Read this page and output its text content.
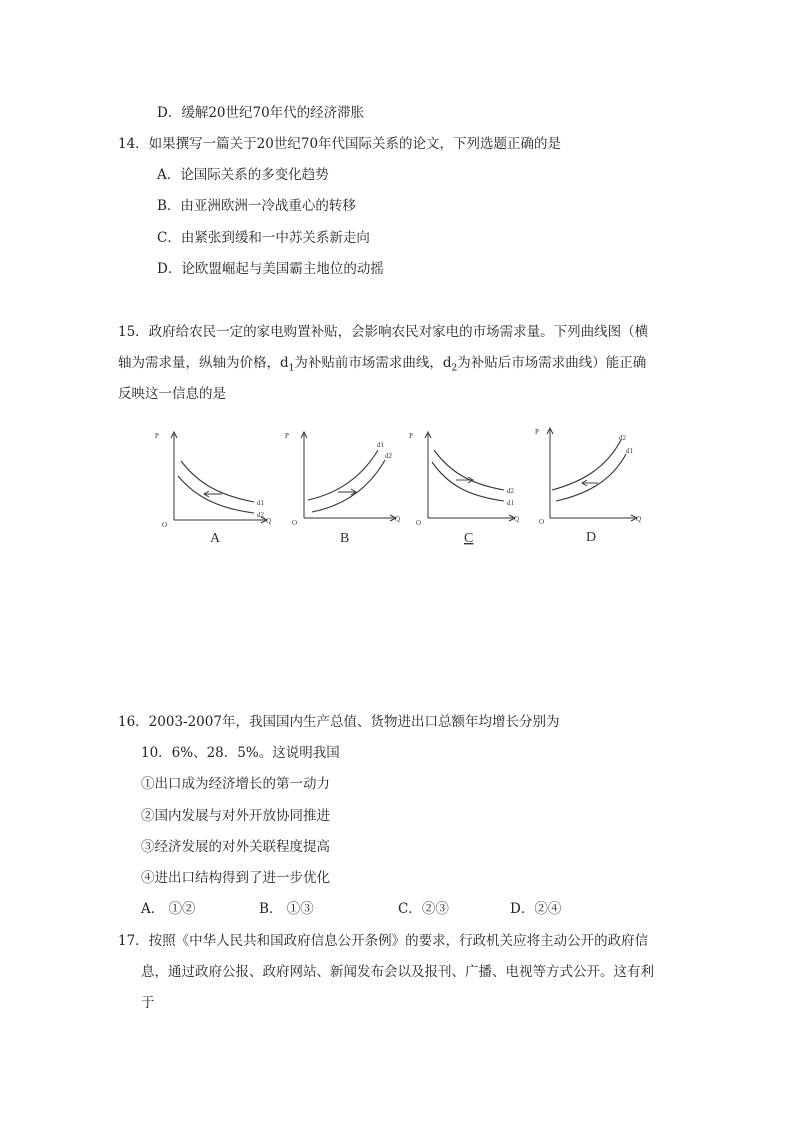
D．缓解20世纪70年代的经济滞胀
14．如果撰写一篇关于20世纪70年代国际关系的论文，下列选题正确的是
A．论国际关系的多变化趋势
B．由亚洲欧洲一冷战重心的转移
C．由紧张到缓和一中苏关系新走向
D．论欧盟崛起与美国霸主地位的动摇
15．政府给农民一定的家电购置补贴，会影响农民对家电的市场需求量。下列曲线图（横
轴为需求量，纵轴为价格，$d_1$为补贴前市场需求曲线，$d_2$为补贴后市场需求曲线）能正确
反映这一信息的是
P
O	Q
d1
d2
A
P
O	Q
d1
d2
B
P
O	Q
d2
d1
C
P
O	Q
d2
d1
D
16．2003-2007年，我国国内生产总值、货物进出口总额年均增长分别为
10．6%、28．5%。这说明我国
①出口成为经济增长的第一动力
②国内发展与对外开放协同推进
③经济发展的对外关联程度提高
④进出口结构得到了进一步优化
A． ①②	B． ①③	C．②③	D．②④
17．按照《中华人民共和国政府信息公开条例》的要求，行政机关应将主动公开的政府信
息，通过政府公报、政府网站、新闻发布会以及报刊、广播、电视等方式公开。这有利
于
